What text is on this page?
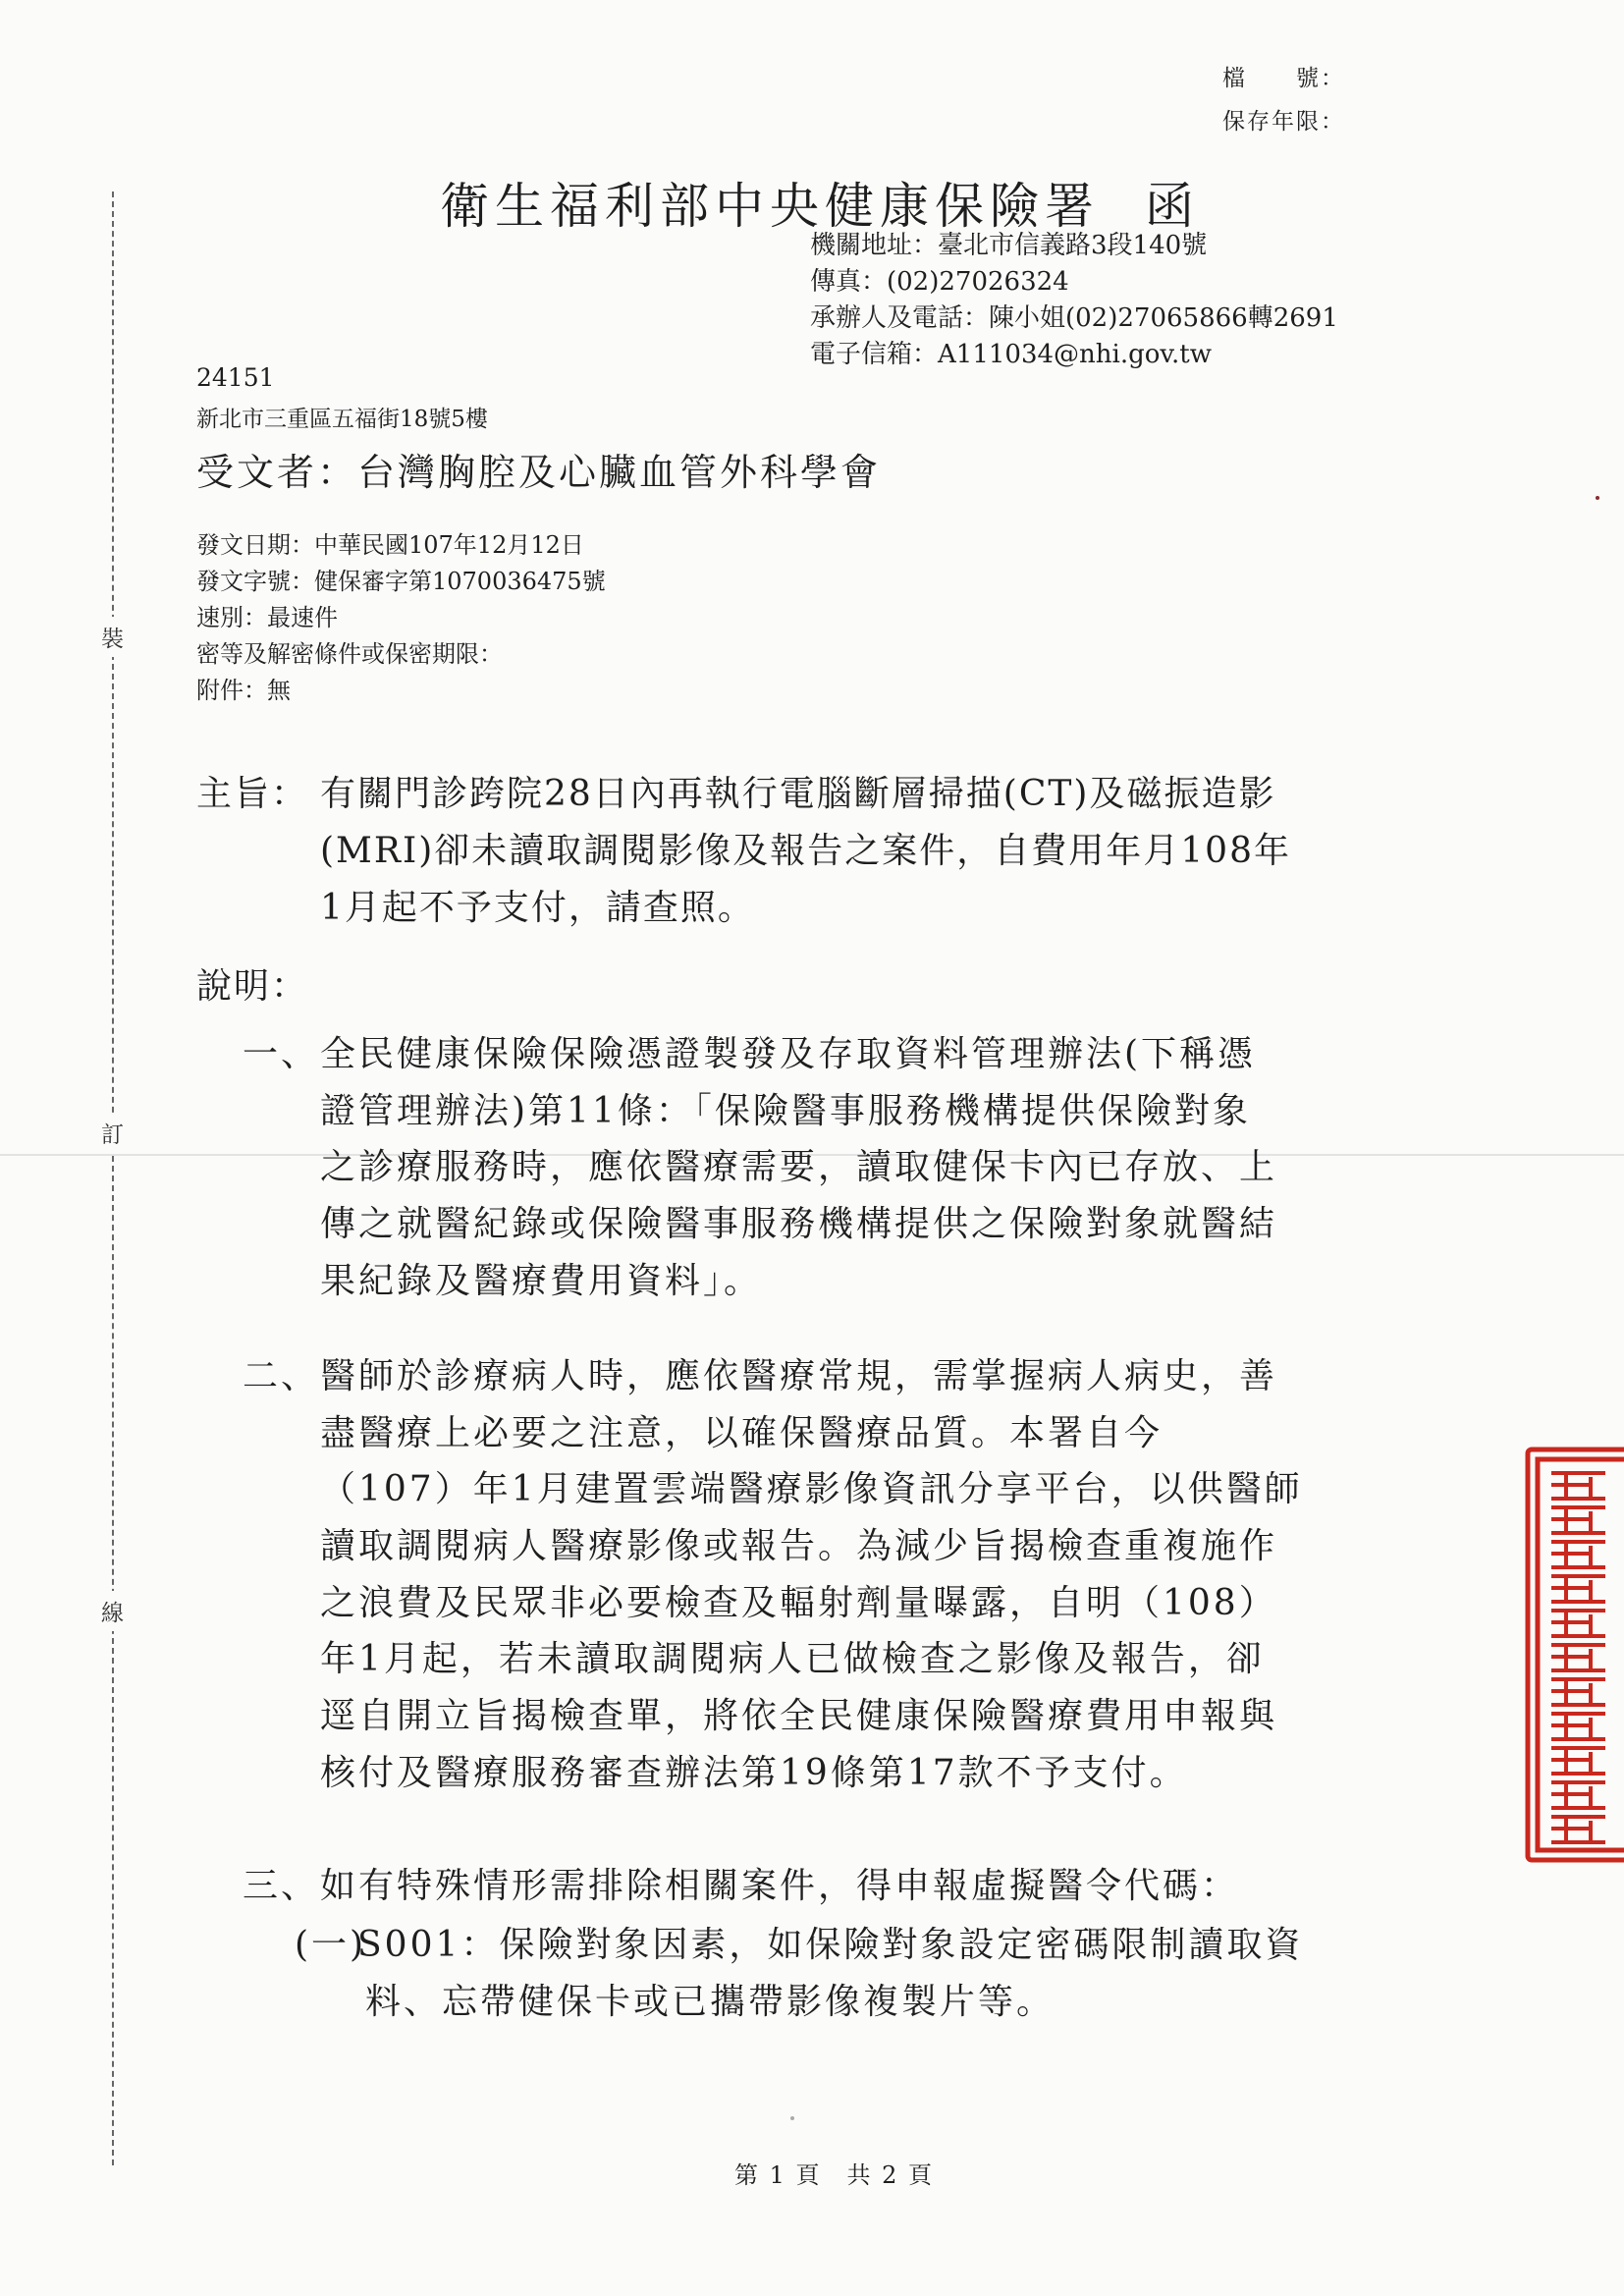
裝
訂
線
檔　　號：
保存年限：
衛生福利部中央健康保險署 函
機關地址：臺北市信義路3段140號
傳真：(02)27026324
承辦人及電話：陳小姐(02)27065866轉2691
電子信箱：A111034@nhi.gov.tw
24151
新北市三重區五福街18號5樓
受文者：台灣胸腔及心臟血管外科學會
發文日期：中華民國107年12月12日
發文字號：健保審字第1070036475號
速別：最速件
密等及解密條件或保密期限：
附件：無
主旨： 有關門診跨院28日內再執行電腦斷層掃描(CT)及磁振造影
(MRI)卻未讀取調閱影像及報告之案件，自費用年月108年
1月起不予支付，請查照。
說明：
一、 全民健康保險保險憑證製發及存取資料管理辦法(下稱憑
證管理辦法)第11條：「保險醫事服務機構提供保險對象
之診療服務時，應依醫療需要，讀取健保卡內已存放、上
傳之就醫紀錄或保險醫事服務機構提供之保險對象就醫結
果紀錄及醫療費用資料」。
二、 醫師於診療病人時，應依醫療常規，需掌握病人病史，善
盡醫療上必要之注意，以確保醫療品質。本署自今
（107）年1月建置雲端醫療影像資訊分享平台，以供醫師
讀取調閱病人醫療影像或報告。為減少旨揭檢查重複施作
之浪費及民眾非必要檢查及輻射劑量曝露，自明（108）
年1月起，若未讀取調閱病人已做檢查之影像及報告，卻
逕自開立旨揭檢查單，將依全民健康保險醫療費用申報與
核付及醫療服務審查辦法第19條第17款不予支付。
三、 如有特殊情形需排除相關案件，得申報虛擬醫令代碼：
(一)
S001：保險對象因素，如保險對象設定密碼限制讀取資
料、忘帶健保卡或已攜帶影像複製片等。
第 1 頁　共 2 頁
